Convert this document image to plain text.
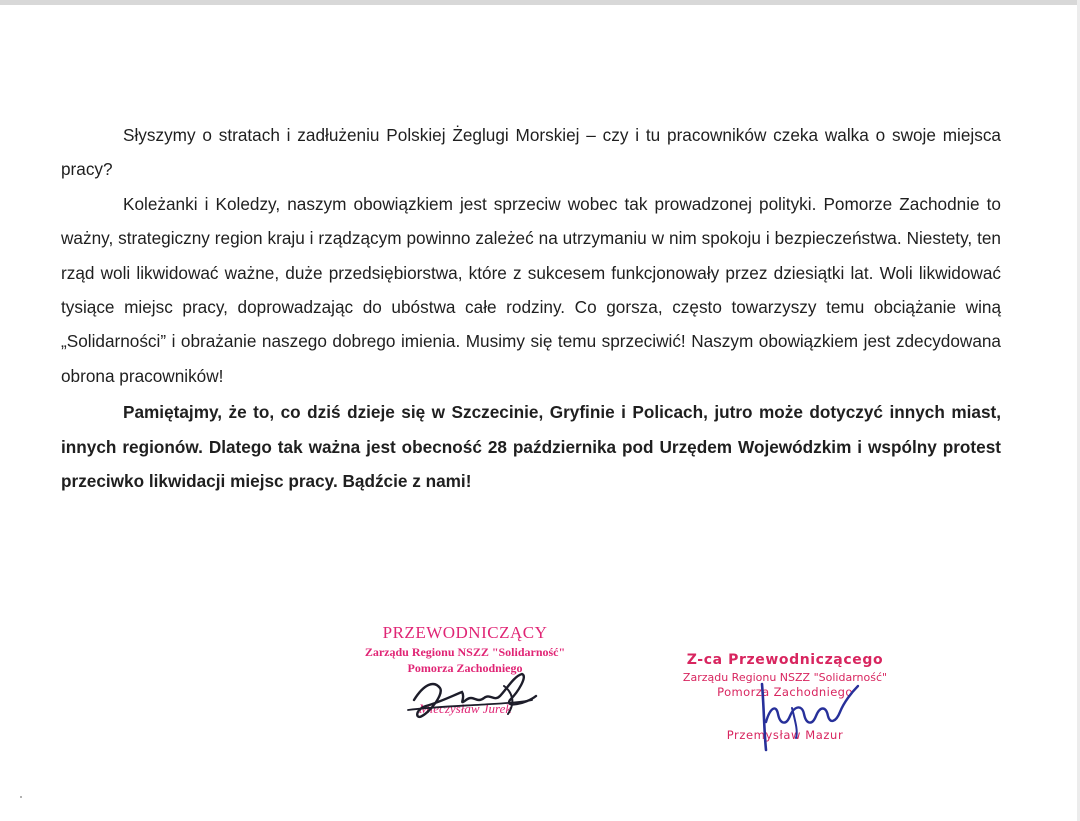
Słyszymy o stratach i zadłużeniu Polskiej Żeglugi Morskiej – czy i tu pracowników czeka walka o swoje miejsca pracy?

Koleżanki i Koledzy, naszym obowiązkiem jest sprzeciw wobec tak prowadzonej polityki. Pomorze Zachodnie to ważny, strategiczny region kraju i rządzącym powinno zależeć na utrzymaniu w nim spokoju i bezpieczeństwa. Niestety, ten rząd woli likwidować ważne, duże przedsiębiorstwa, które z sukcesem funkcjonowały przez dziesiątki lat. Woli likwidować tysiące miejsc pracy, doprowadzając do ubóstwa całe rodziny. Co gorsza, często towarzyszy temu obciążanie winą „Solidarności” i obrażanie naszego dobrego imienia. Musimy się temu sprzeciwić! Naszym obowiązkiem jest zdecydowana obrona pracowników!

Pamiętajmy, że to, co dziś dzieje się w Szczecinie, Gryfinie i Policach, jutro może dotyczyć innych miast, innych regionów. Dlatego tak ważna jest obecność 28 października pod Urzędem Wojewódzkim i wspólny protest przeciwko likwidacji miejsc pracy. Bądźcie z nami!

PRZEWODNICZĄCY
Zarządu Regionu NSZZ "Solidarność"
Pomorza Zachodniego
Mieczysław Jurek
Z-ca Przewodniczącego
Zarządu Regionu NSZZ "Solidarność"
Pomorza Zachodniego
Przemysław Mazur
